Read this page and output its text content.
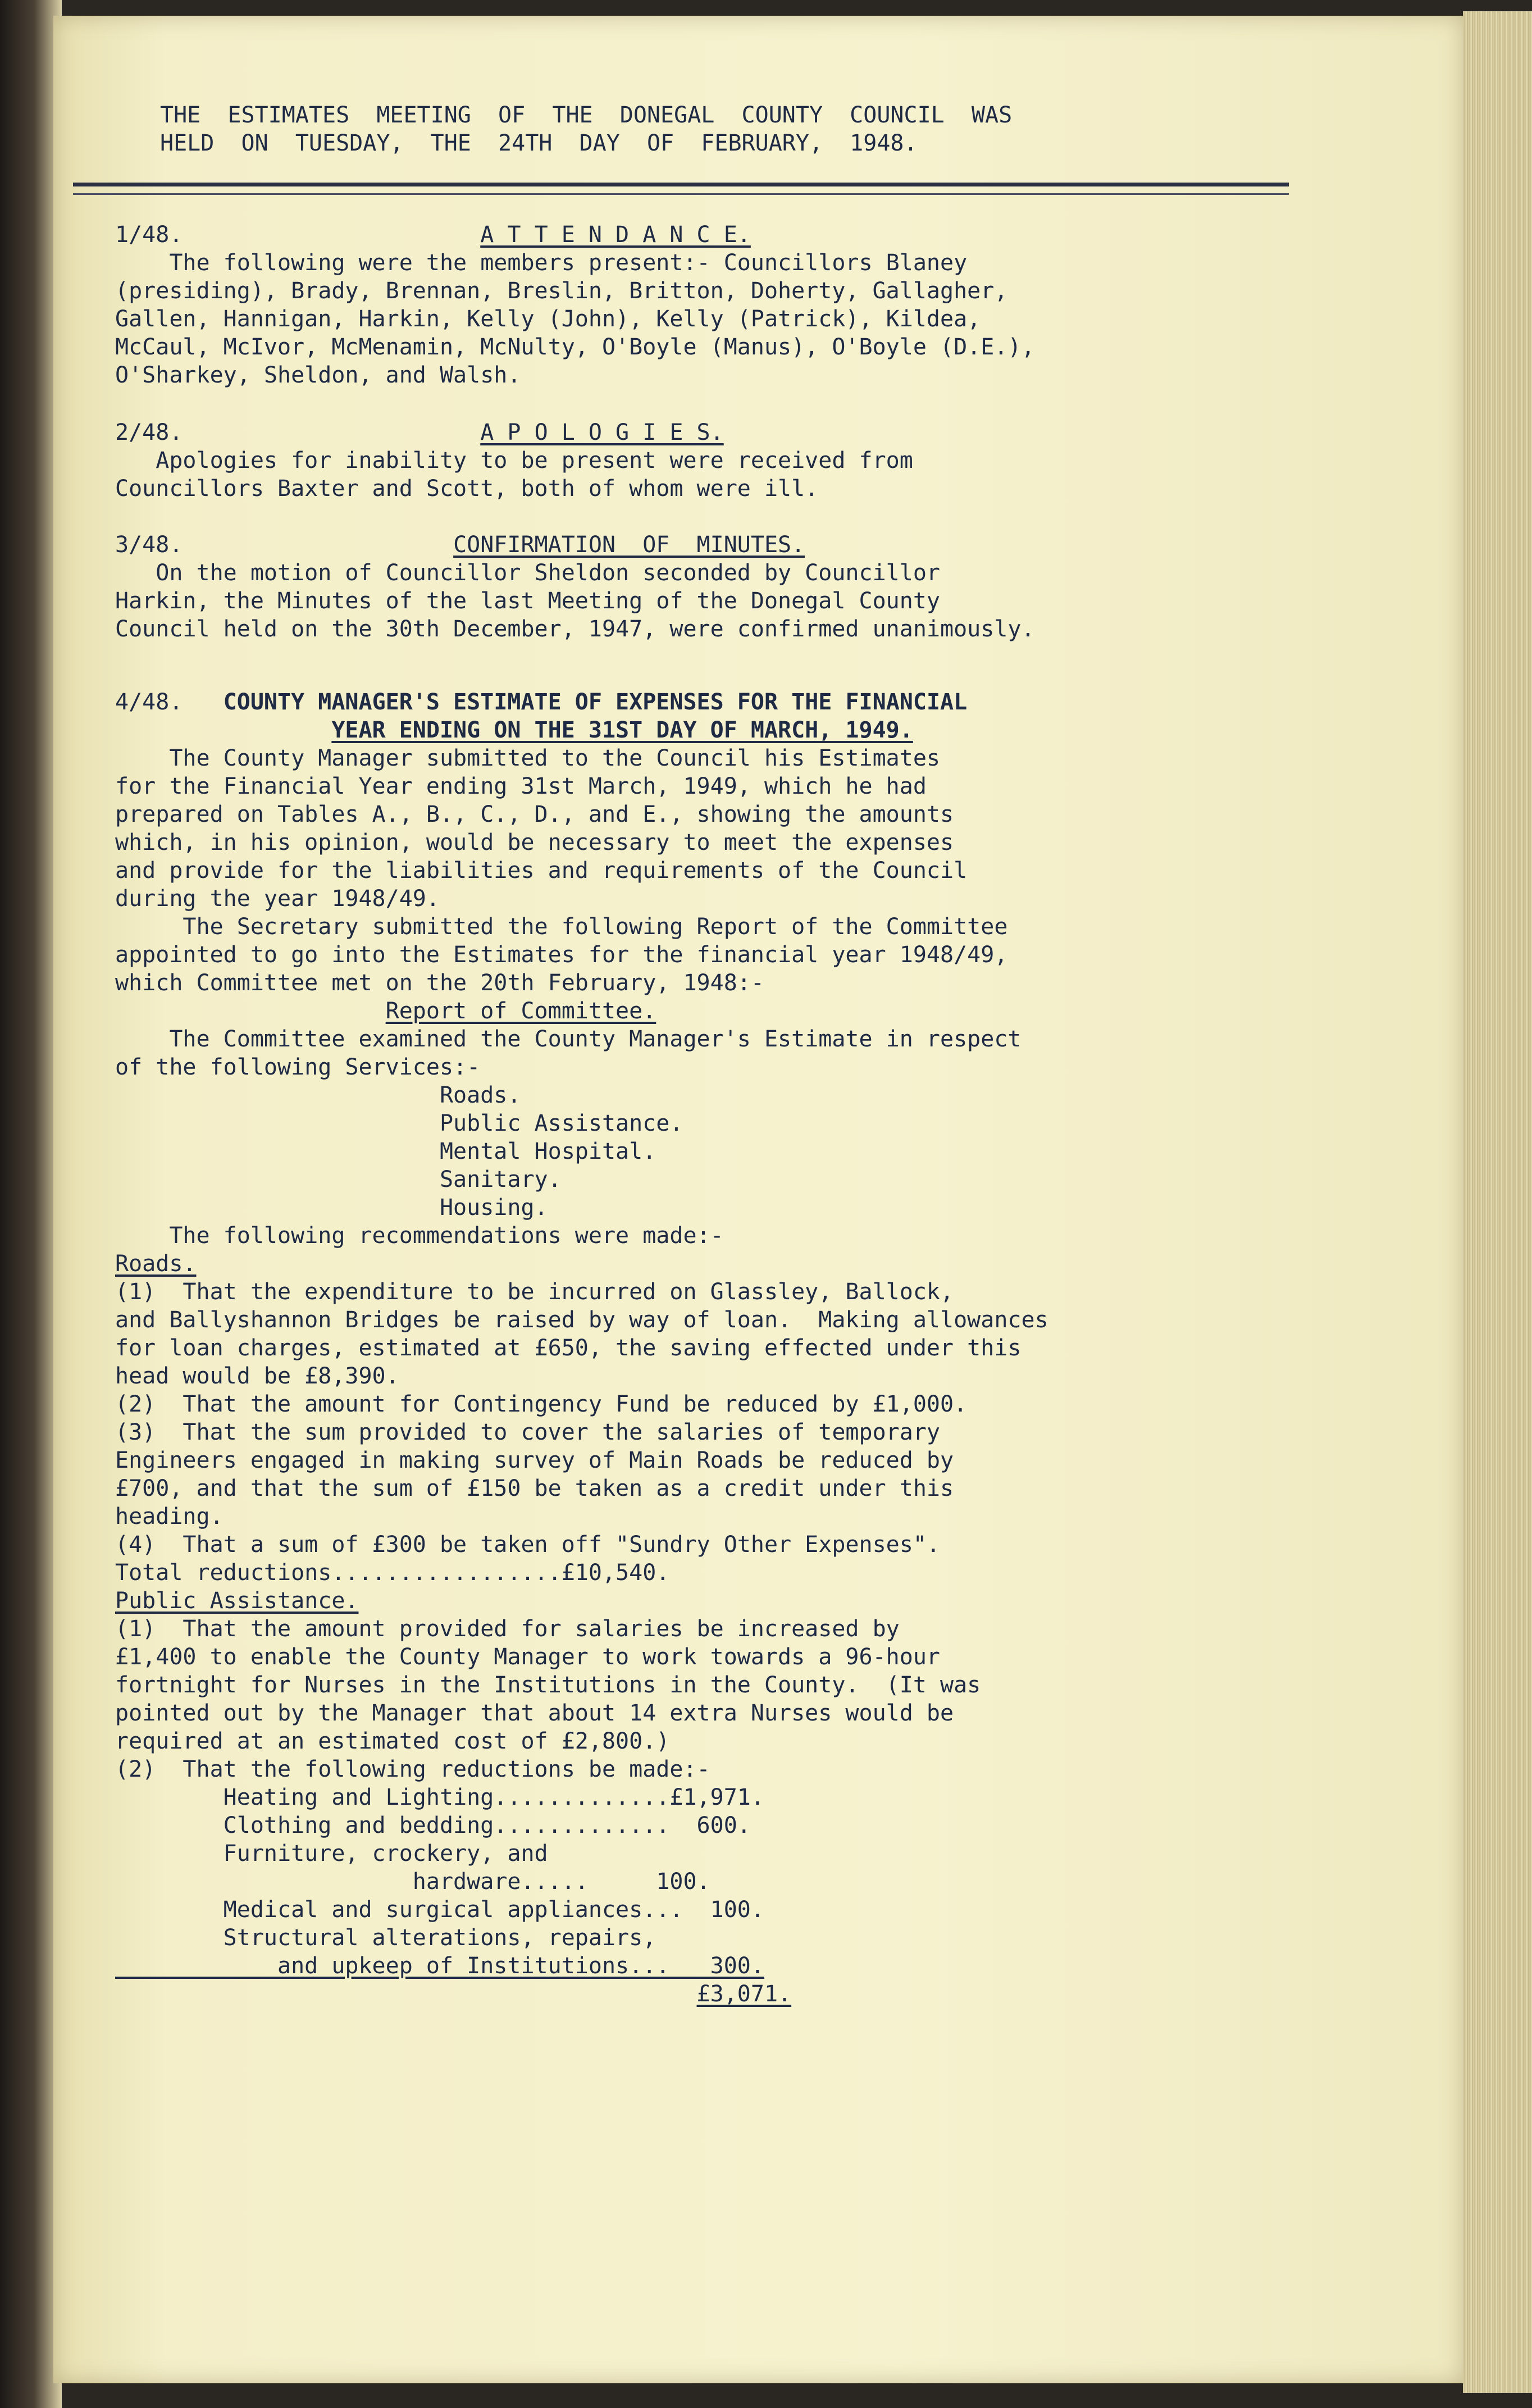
THE  ESTIMATES  MEETING  OF  THE  DONEGAL  COUNTY  COUNCIL  WAS
HELD  ON  TUESDAY,  THE  24TH  DAY  OF  FEBRUARY,  1948.
1/48.	A T T E N D A N C E.
The following were the members present:- Councillors Blaney
(presiding), Brady, Brennan, Breslin, Britton, Doherty, Gallagher,
Gallen, Hannigan, Harkin, Kelly (John), Kelly (Patrick), Kildea,
McCaul, McIvor, McMenamin, McNulty, O'Boyle (Manus), O'Boyle (D.E.),
O'Sharkey, Sheldon, and Walsh.
2/48.	A P O L O G I E S.
Apologies for inability to be present were received from
Councillors Baxter and Scott, both of whom were ill.
3/48.	CONFIRMATION  OF  MINUTES.
On the motion of Councillor Sheldon seconded by Councillor
Harkin, the Minutes of the last Meeting of the Donegal County
Council held on the 30th December, 1947, were confirmed unanimously.
4/48. COUNTY MANAGER'S ESTIMATE OF EXPENSES FOR THE FINANCIAL
YEAR ENDING ON THE 31ST DAY OF MARCH, 1949.
The County Manager submitted to the Council his Estimates
for the Financial Year ending 31st March, 1949, which he had
prepared on Tables A., B., C., D., and E., showing the amounts
which, in his opinion, would be necessary to meet the expenses
and provide for the liabilities and requirements of the Council
during the year 1948/49.
The Secretary submitted the following Report of the Committee
appointed to go into the Estimates for the financial year 1948/49,
which Committee met on the 20th February, 1948:-
Report of Committee.
The Committee examined the County Manager's Estimate in respect
of the following Services:-
Roads.
Public Assistance.
Mental Hospital.
Sanitary.
Housing.
The following recommendations were made:-
Roads.
(1)  That the expenditure to be incurred on Glassley, Ballock,
and Ballyshannon Bridges be raised by way of loan.  Making allowances
for loan charges, estimated at £650, the saving effected under this
head would be £8,390.
(2)  That the amount for Contingency Fund be reduced by £1,000.
(3)  That the sum provided to cover the salaries of temporary
Engineers engaged in making survey of Main Roads be reduced by
£700, and that the sum of £150 be taken as a credit under this
heading.
(4)  That a sum of £300 be taken off "Sundry Other Expenses".
Total reductions.................£10,540.
Public Assistance.
(1)  That the amount provided for salaries be increased by
£1,400 to enable the County Manager to work towards a 96-hour
fortnight for Nurses in the Institutions in the County.  (It was
pointed out by the Manager that about 14 extra Nurses would be
required at an estimated cost of £2,800.)
(2)  That the following reductions be made:-
Heating and Lighting.............£1,971.
Clothing and bedding.............  600.
Furniture, crockery, and
hardware.....     100.
Medical and surgical appliances...  100.
Structural alterations, repairs,
and upkeep of Institutions...   300.
£3,071.
